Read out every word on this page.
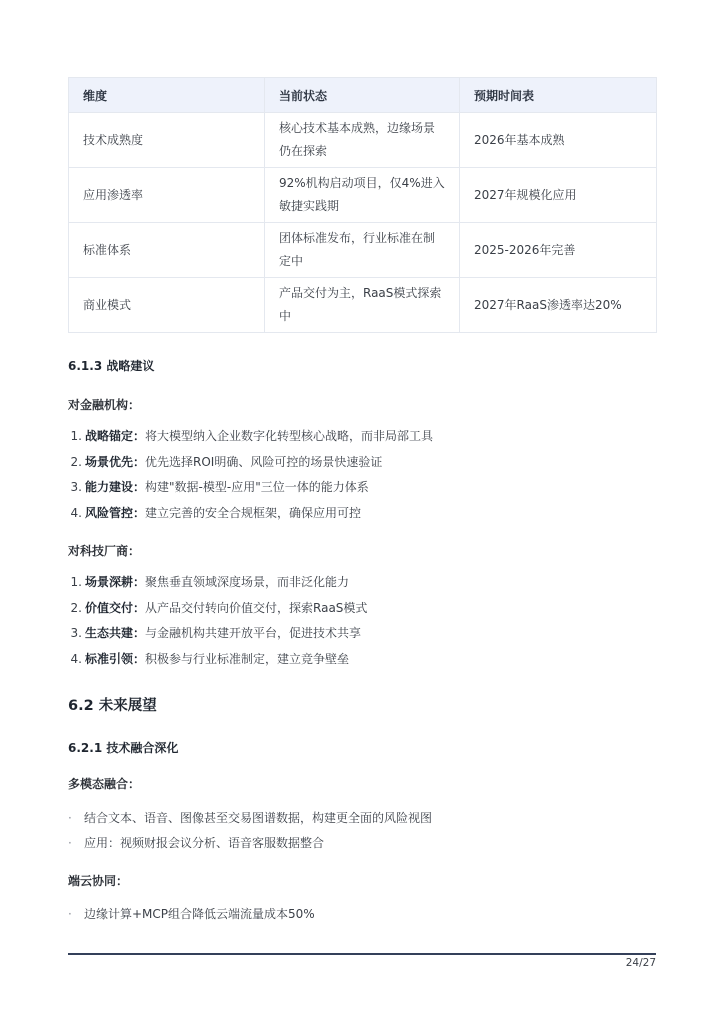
维度	当前状态	预期时间表
技术成熟度	核心技术基本成熟，边缘场景仍在探索	2026年基本成熟
应用渗透率	92%机构启动项目，仅4%进入敏捷实践期	2027年规模化应用
标准体系	团体标准发布，行业标准在制定中	2025-2026年完善
商业模式	产品交付为主，RaaS模式探索中	2027年RaaS渗透率达20%
6.1.3 战略建议
对金融机构：
1. 战略锚定：将大模型纳入企业数字化转型核心战略，而非局部工具
2. 场景优先：优先选择ROI明确、风险可控的场景快速验证
3. 能力建设：构建"数据-模型-应用"三位一体的能力体系
4. 风险管控：建立完善的安全合规框架，确保应用可控
对科技厂商：
1. 场景深耕：聚焦垂直领域深度场景，而非泛化能力
2. 价值交付：从产品交付转向价值交付，探索RaaS模式
3. 生态共建：与金融机构共建开放平台，促进技术共享
4. 标准引领：积极参与行业标准制定，建立竞争壁垒
6.2 未来展望
6.2.1 技术融合深化
多模态融合：
· 结合文本、语音、图像甚至交易图谱数据，构建更全面的风险视图
· 应用：视频财报会议分析、语音客服数据整合
端云协同：
· 边缘计算+MCP组合降低云端流量成本50%
24/27
